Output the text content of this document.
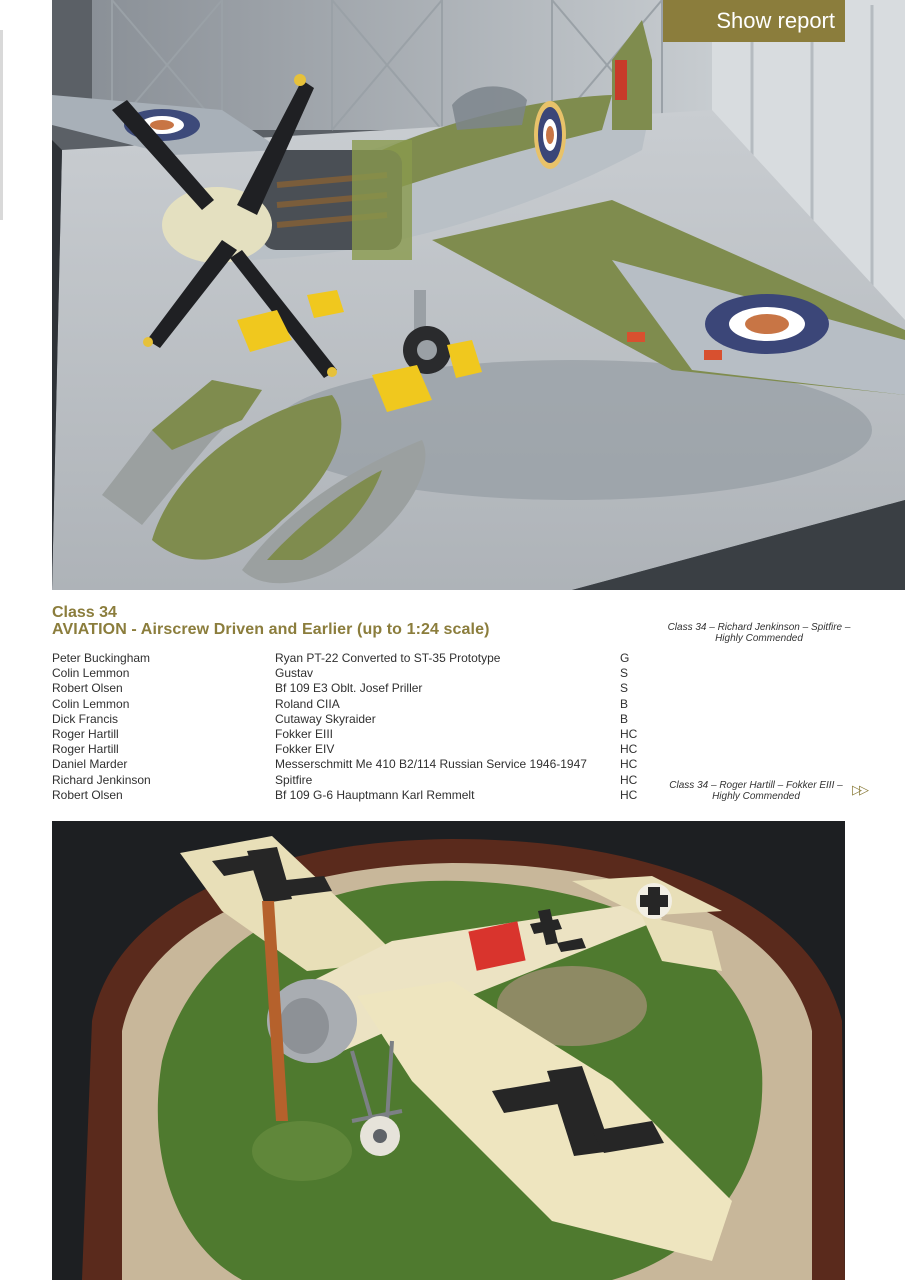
Show report
Class 34
AVIATION - Airscrew Driven and Earlier (up to 1:24 scale)
Peter Buckingham	Ryan PT-22 Converted to ST-35 Prototype	G
Colin Lemmon	Gustav	S
Robert Olsen	Bf 109 E3 Oblt. Josef Priller	S
Colin Lemmon	Roland CIIA	B
Dick Francis	Cutaway Skyraider	B
Roger Hartill	Fokker EIII	HC
Roger Hartill	Fokker EIV	HC
Daniel Marder	Messerschmitt Me 410 B2/114 Russian Service 1946-1947	HC
Richard Jenkinson	Spitfire	HC
Robert Olsen	Bf 109 G-6 Hauptmann Karl Remmelt	HC
Class 34 – Richard Jenkinson – Spitfire – Highly Commended
Class 34 – Roger Hartill – Fokker EIII – Highly Commended	▷▷
